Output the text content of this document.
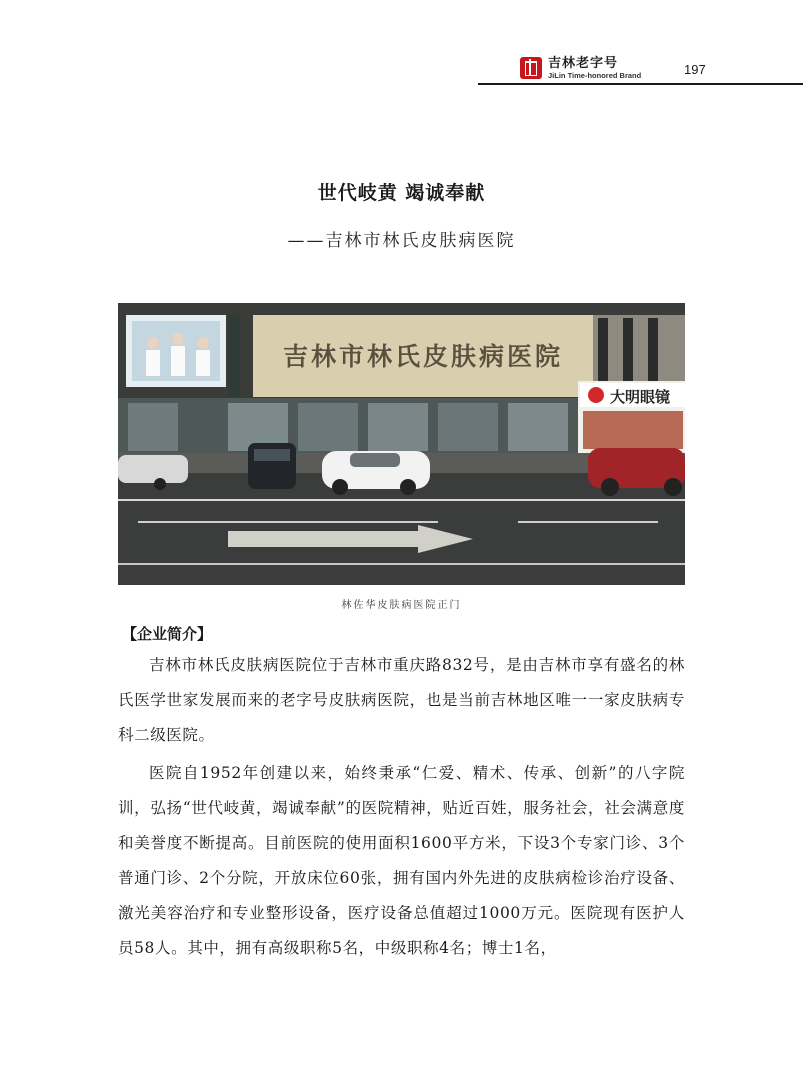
吉林老字号
JiLin Time-honored Brand	197
世代岐黄 竭诚奉献
——吉林市林氏皮肤病医院
吉林市林氏皮肤病医院
大明眼镜
林佐华皮肤病医院正门
【企业简介】

吉林市林氏皮肤病医院位于吉林市重庆路832号，是由吉林市享有盛名的林氏医学世家发展而来的老字号皮肤病医院，也是当前吉林地区唯一一家皮肤病专科二级医院。

医院自1952年创建以来，始终秉承“仁爱、精术、传承、创新”的八字院训，弘扬“世代岐黄，竭诚奉献”的医院精神，贴近百姓，服务社会，社会满意度和美誉度不断提高。目前医院的使用面积1600平方米，下设3个专家门诊、3个普通门诊、2个分院，开放床位60张，拥有国内外先进的皮肤病检诊治疗设备、激光美容治疗和专业整形设备，医疗设备总值超过1000万元。医院现有医护人员58人。其中，拥有高级职称5名，中级职称4名；博士1名，
